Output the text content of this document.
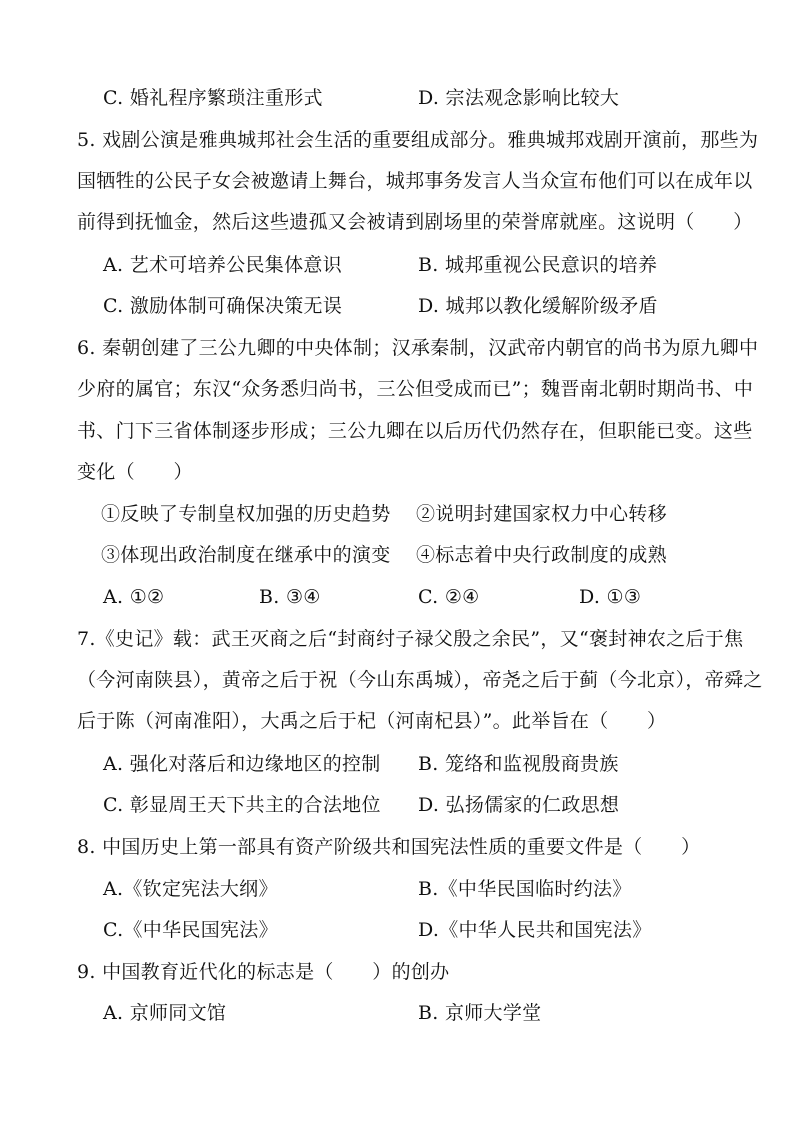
C. 婚礼程序繁琐注重形式	D. 宗法观念影响比较大
5. 戏剧公演是雅典城邦社会生活的重要组成部分。雅典城邦戏剧开演前，那些为
国牺牲的公民子女会被邀请上舞台，城邦事务发言人当众宣布他们可以在成年以
前得到抚恤金，然后这些遗孤又会被请到剧场里的荣誉席就座。这说明（　　）
A. 艺术可培养公民集体意识	B. 城邦重视公民意识的培养
C. 激励体制可确保决策无误	D. 城邦以教化缓解阶级矛盾
6. 秦朝创建了三公九卿的中央体制；汉承秦制，汉武帝内朝官的尚书为原九卿中
少府的属官；东汉“众务悉归尚书，三公但受成而已”；魏晋南北朝时期尚书、中
书、门下三省体制逐步形成；三公九卿在以后历代仍然存在，但职能已变。这些
变化（　　）
①反映了专制皇权加强的历史趋势 ②说明封建国家权力中心转移
③体现出政治制度在继承中的演变 ④标志着中央行政制度的成熟
A. ①②	B. ③④	C. ②④	D. ①③
7.《史记》载：武王灭商之后“封商纣子禄父殷之余民”，又“褒封神农之后于焦
（今河南陕县），黄帝之后于祝（今山东禹城），帝尧之后于蓟（今北京），帝舜之
后于陈（河南准阳），大禹之后于杞（河南杞县）”。此举旨在（　　）
A. 强化对落后和边缘地区的控制 B. 笼络和监视殷商贵族
C. 彰显周王天下共主的合法地位 D. 弘扬儒家的仁政思想
8. 中国历史上第一部具有资产阶级共和国宪法性质的重要文件是（　　）
A.《钦定宪法大纲》	B.《中华民国临时约法》
C.《中华民国宪法》	D.《中华人民共和国宪法》
9. 中国教育近代化的标志是（　　）的创办
A. 京师同文馆	B. 京师大学堂
